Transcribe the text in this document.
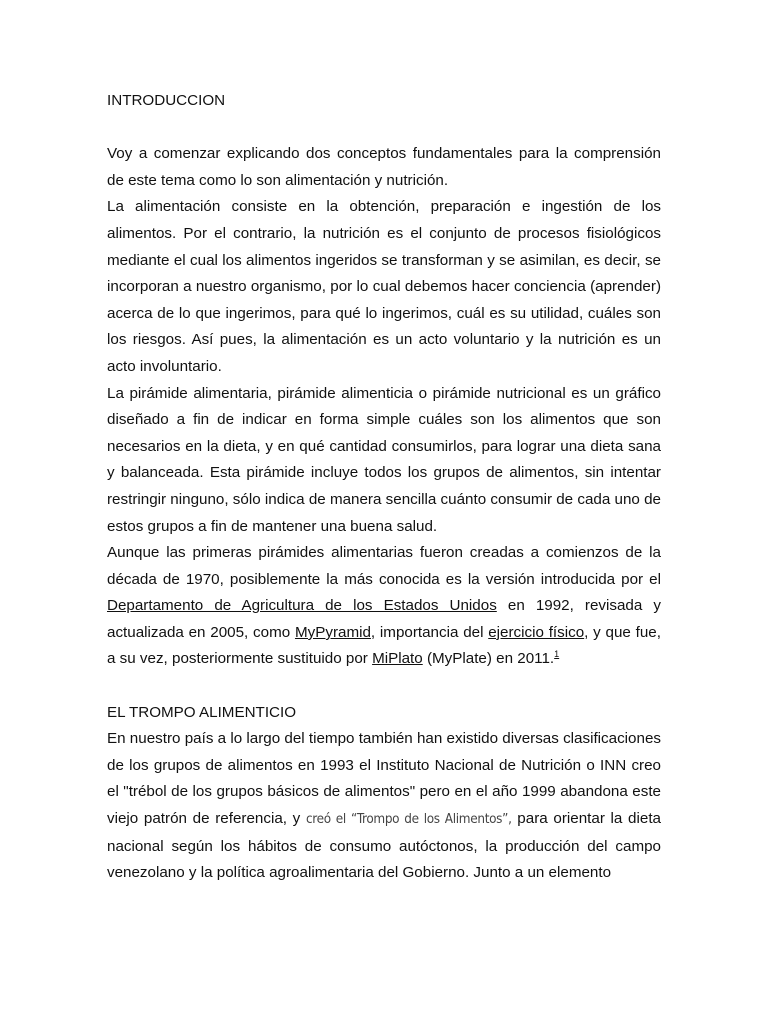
INTRODUCCION

Voy a comenzar explicando dos conceptos fundamentales para la comprensión de este tema como lo son alimentación y nutrición.

La alimentación consiste en la obtención, preparación e ingestión de los alimentos. Por el contrario, la nutrición es el conjunto de procesos fisiológicos mediante el cual los alimentos ingeridos se transforman y se asimilan, es decir, se incorporan a nuestro organismo, por lo cual debemos hacer conciencia (aprender) acerca de lo que ingerimos, para qué lo ingerimos, cuál es su utilidad, cuáles son los riesgos. Así pues, la alimentación es un acto voluntario y la nutrición es un acto involuntario.

La pirámide alimentaria, pirámide alimenticia o pirámide nutricional es un gráfico diseñado a fin de indicar en forma simple cuáles son los alimentos que son necesarios en la dieta, y en qué cantidad consumirlos, para lograr una dieta sana y balanceada. Esta pirámide incluye todos los grupos de alimentos, sin intentar restringir ninguno, sólo indica de manera sencilla cuánto consumir de cada uno de estos grupos a fin de mantener una buena salud.

Aunque las primeras pirámides alimentarias fueron creadas a comienzos de la década de 1970, posiblemente la más conocida es la versión introducida por el Departamento de Agricultura de los Estados Unidos en 1992, revisada y actualizada en 2005, como MyPyramid, importancia del ejercicio físico, y que fue, a su vez, posteriormente sustituido por MiPlato (MyPlate) en 2011.$^1$

EL TROMPO ALIMENTICIO

En nuestro país a lo largo del tiempo también han existido diversas clasificaciones de los grupos de alimentos en 1993 el Instituto Nacional de Nutrición o INN creo el "trébol de los grupos básicos de alimentos" pero en el año 1999 abandona este viejo patrón de referencia, y creó el “Trompo de los Alimentos”, para orientar la dieta nacional según los hábitos de consumo autóctonos, la producción del campo venezolano y la política agroalimentaria del Gobierno. Junto a un elemento
